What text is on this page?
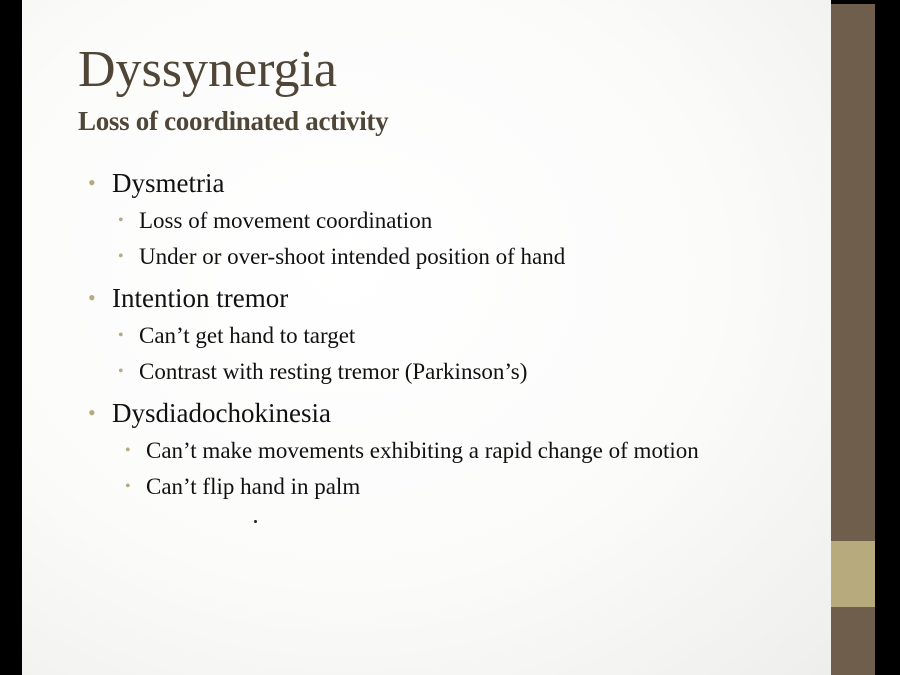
Dyssynergia
Loss of coordinated activity
• Dysmetria
• Loss of movement coordination
• Under or over-shoot intended position of hand
• Intention tremor
• Can’t get hand to target
• Contrast with resting tremor (Parkinson’s)
• Dysdiadochokinesia
• Can’t make movements exhibiting a rapid change of motion
• Can’t flip hand in palm
